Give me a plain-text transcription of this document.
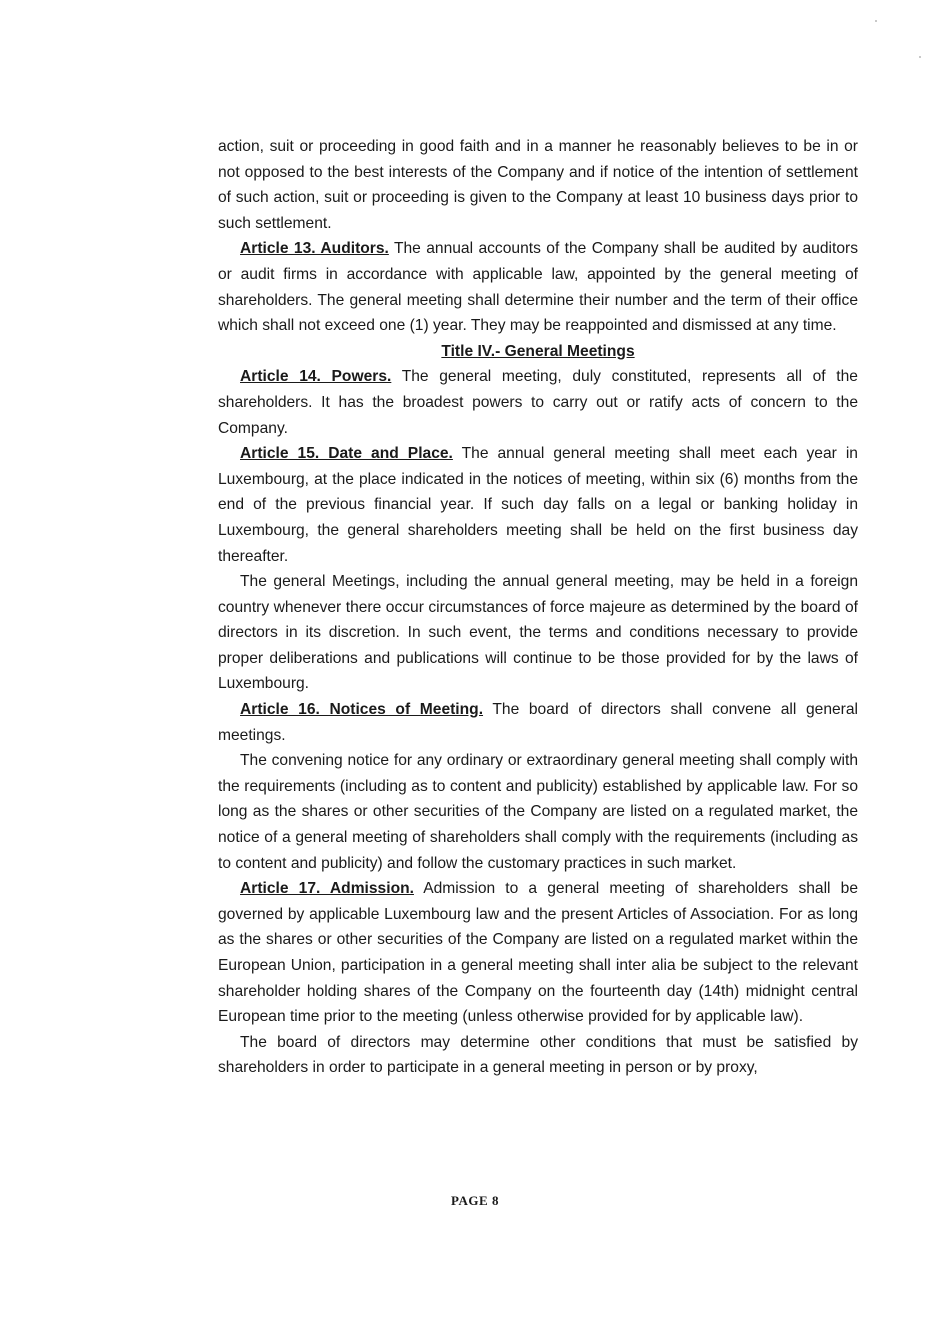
action, suit or proceeding in good faith and in a manner he reasonably believes to be in or not opposed to the best interests of the Company and if notice of the intention of settlement of such action, suit or proceeding is given to the Company at least 10 business days prior to such settlement.

Article 13. Auditors. The annual accounts of the Company shall be audited by auditors or audit firms in accordance with applicable law, appointed by the general meeting of shareholders. The general meeting shall determine their number and the term of their office which shall not exceed one (1) year. They may be reappointed and dismissed at any time.

Title IV.- General Meetings

Article 14. Powers. The general meeting, duly constituted, represents all of the shareholders. It has the broadest powers to carry out or ratify acts of concern to the Company.

Article 15. Date and Place. The annual general meeting shall meet each year in Luxembourg, at the place indicated in the notices of meeting, within six (6) months from the end of the previous financial year. If such day falls on a legal or banking holiday in Luxembourg, the general shareholders meeting shall be held on the first business day thereafter.

The general Meetings, including the annual general meeting, may be held in a foreign country whenever there occur circumstances of force majeure as determined by the board of directors in its discretion. In such event, the terms and conditions necessary to provide proper deliberations and publications will continue to be those provided for by the laws of Luxembourg.

Article 16. Notices of Meeting. The board of directors shall convene all general meetings.

The convening notice for any ordinary or extraordinary general meeting shall comply with the requirements (including as to content and publicity) established by applicable law. For so long as the shares or other securities of the Company are listed on a regulated market, the notice of a general meeting of shareholders shall comply with the requirements (including as to content and publicity) and follow the customary practices in such market.

Article 17. Admission. Admission to a general meeting of shareholders shall be governed by applicable Luxembourg law and the present Articles of Association. For as long as the shares or other securities of the Company are listed on a regulated market within the European Union, participation in a general meeting shall inter alia be subject to the relevant shareholder holding shares of the Company on the fourteenth day (14th) midnight central European time prior to the meeting (unless otherwise provided for by applicable law).

The board of directors may determine other conditions that must be satisfied by shareholders in order to participate in a general meeting in person or by proxy,

PAGE 8
